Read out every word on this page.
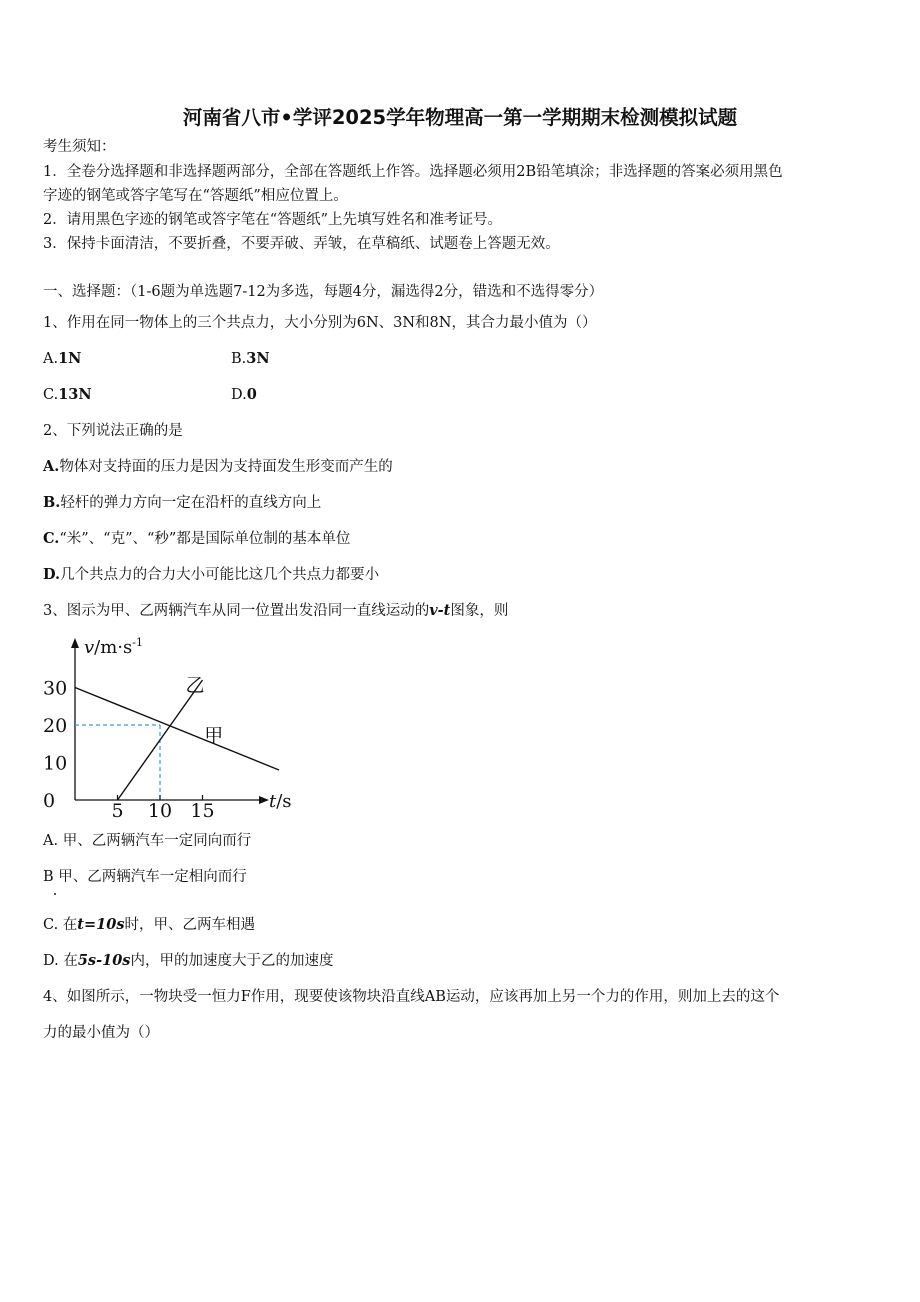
河南省八市•学评2025学年物理高一第一学期期末检测模拟试题
考生须知：
1．全卷分选择题和非选择题两部分，全部在答题纸上作答。选择题必须用2B铅笔填涂；非选择题的答案必须用黑色
字迹的钢笔或答字笔写在“答题纸”相应位置上。
2．请用黑色字迹的钢笔或答字笔在“答题纸”上先填写姓名和准考证号。
3．保持卡面清洁，不要折叠，不要弄破、弄皱，在草稿纸、试题卷上答题无效。
一、选择题：（1-6题为单选题7-12为多选，每题4分，漏选得2分，错选和不选得零分）
1、作用在同一物体上的三个共点力，大小分别为6N、3N和8N，其合力最小值为（）
A.1N	B.3N
C.13N	D.0
2、下列说法正确的是
A.物体对支持面的压力是因为支持面发生形变而产生的
B.轻杆的弹力方向一定在沿杆的直线方向上
C.“米”、“克”、“秒”都是国际单位制的基本单位
D.几个共点力的合力大小可能比这几个共点力都要小
3、图示为甲、乙两辆汽车从同一位置出发沿同一直线运动的v-t图象，则
甲
乙
30
20
10
0	5 10 15
$v/m\cdot s^{-1}$
t/s
A. 甲、乙两辆汽车一定同向而行
B 甲、乙两辆汽车一定相向而行
C. 在t=10s时，甲、乙两车相遇
D. 在5s-10s内，甲的加速度大于乙的加速度
4、如图所示，一物块受一恒力F作用，现要使该物块沿直线AB运动，应该再加上另一个力的作用，则加上去的这个
力的最小值为（）
